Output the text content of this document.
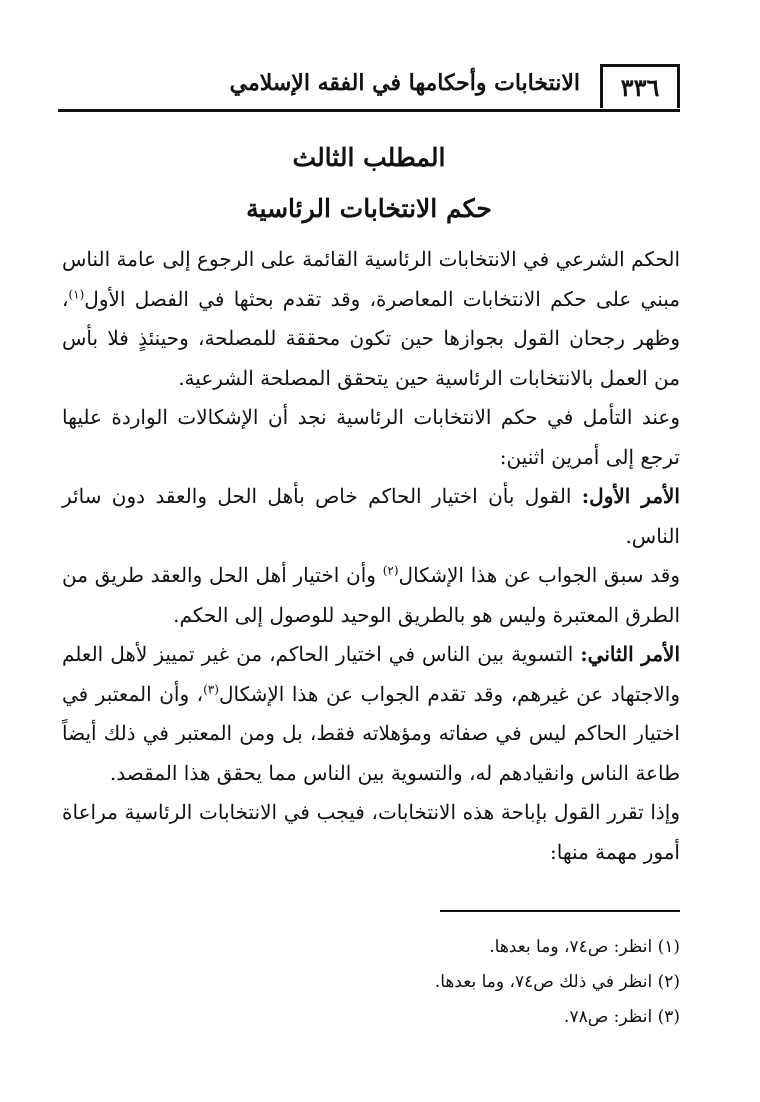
٣٣٦
الانتخابات وأحكامها في الفقه الإسلامي
المطلب الثالث
حكم الانتخابات الرئاسية

الحكم الشرعي في الانتخابات الرئاسية القائمة على الرجوع إلى عامة الناس مبني على حكم الانتخابات المعاصرة، وقد تقدم بحثها في الفصل الأول$^{(١)}$، وظهر رجحان القول بجوازها حين تكون محققة للمصلحة، وحينئذٍ فلا بأس من العمل بالانتخابات الرئاسية حين يتحقق المصلحة الشرعية.

وعند التأمل في حكم الانتخابات الرئاسية نجد أن الإشكالات الواردة عليها ترجع إلى أمرين اثنين:

الأمر الأول: القول بأن اختيار الحاكم خاص بأهل الحل والعقد دون سائر الناس.

وقد سبق الجواب عن هذا الإشكال$^{(٢)}$ وأن اختيار أهل الحل والعقد طريق من الطرق المعتبرة وليس هو بالطريق الوحيد للوصول إلى الحكم.

الأمر الثاني: التسوية بين الناس في اختيار الحاكم، من غير تمييز لأهل العلم والاجتهاد عن غيرهم، وقد تقدم الجواب عن هذا الإشكال$^{(٣)}$، وأن المعتبر في اختيار الحاكم ليس في صفاته ومؤهلاته فقط، بل ومن المعتبر في ذلك أيضاً طاعة الناس وانقيادهم له، والتسوية بين الناس مما يحقق هذا المقصد.

وإذا تقرر القول بإباحة هذه الانتخابات، فيجب في الانتخابات الرئاسية مراعاة أمور مهمة منها:

(١) انظر: ص٧٤، وما بعدها.
(٢) انظر في ذلك ص٧٤، وما بعدها.
(٣) انظر: ص٧٨.
